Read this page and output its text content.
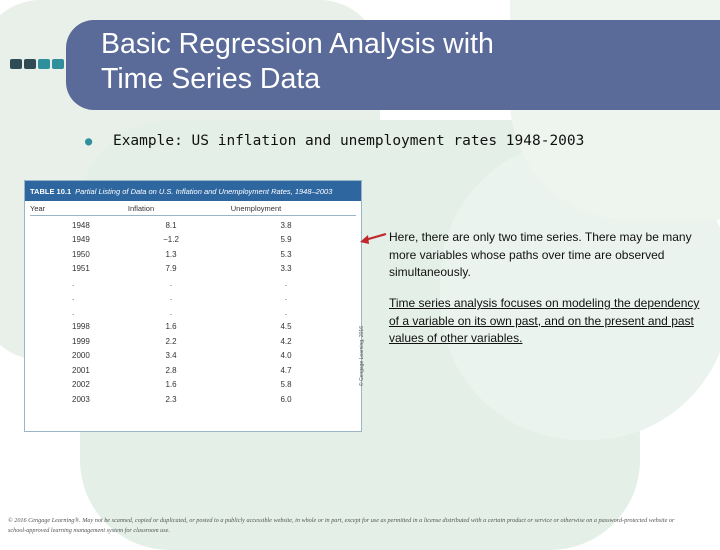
Basic Regression Analysis with
Time Series Data
● Example: US inflation and unemployment rates 1948-2003
TABLE 10.1 Partial Listing of Data on U.S. Inflation and Unemployment Rates, 1948–2003
Year	Inflation	Unemployment
1948	8.1	3.8
1949	−1.2	5.9
1950	1.3	5.3
1951	7.9	3.3
.	.	.
.	.	.
.	.	.
1998	1.6	4.5
1999	2.2	4.2
2000	3.4	4.0
2001	2.8	4.7
2002	1.6	5.8
2003	2.3	6.0
© Cengage Learning, 2016

Here, there are only two time series. There may be many more variables whose paths over time are observed simultaneously.

Time series analysis focuses on modeling the dependency of a variable on its own past, and on the present and past values of other variables.

© 2016 Cengage Learning®. May not be scanned, copied or duplicated, or posted to a publicly accessible website, in whole or in part, except for use as permitted in a license distributed with a certain product or service or otherwise on a password-protected website or school-approved learning management system for classroom use.
